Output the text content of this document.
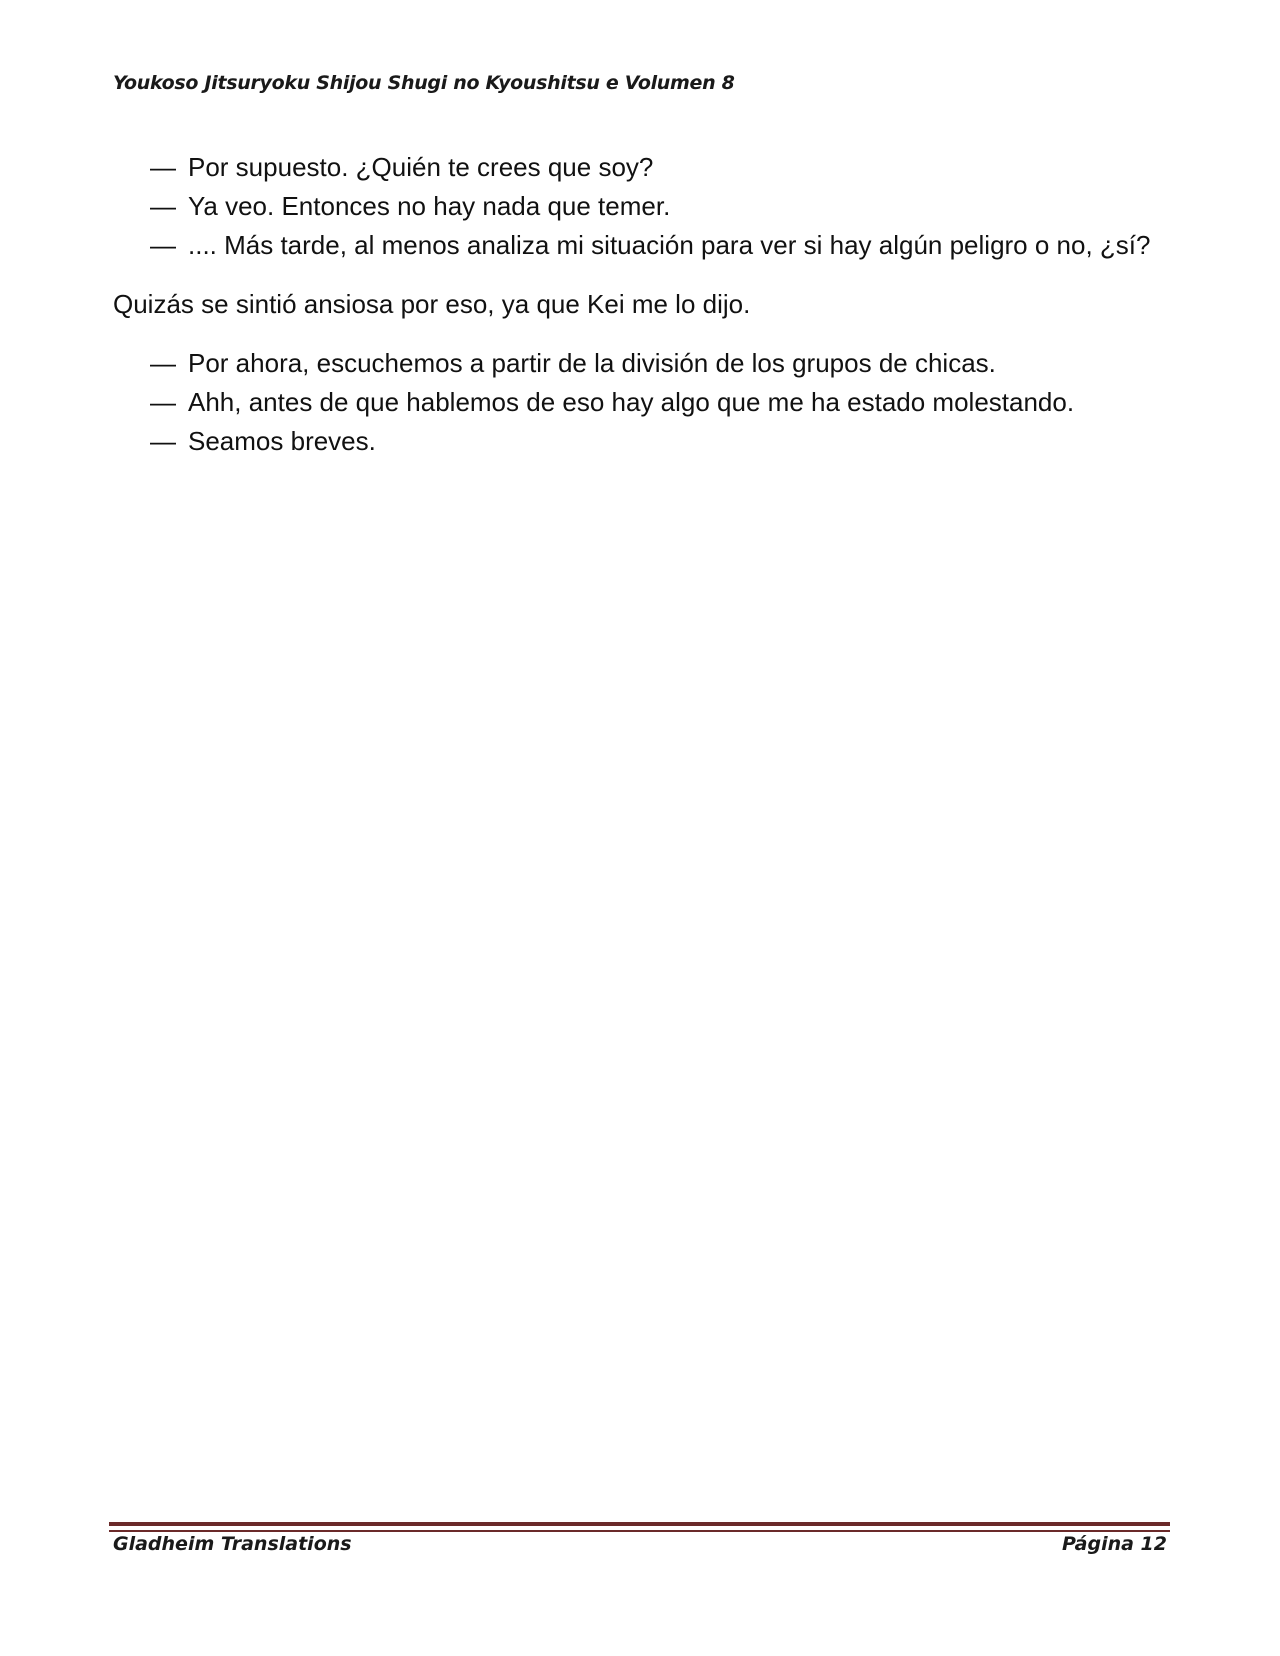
Youkoso Jitsuryoku Shijou Shugi no Kyoushitsu e Volumen 8
— Por supuesto. ¿Quién te crees que soy?
— Ya veo. Entonces no hay nada que temer.
— .... Más tarde, al menos analiza mi situación para ver si hay algún peligro o no, ¿sí?

Quizás se sintió ansiosa por eso, ya que Kei me lo dijo.

— Por ahora, escuchemos a partir de la división de los grupos de chicas.
— Ahh, antes de que hablemos de eso hay algo que me ha estado molestando.
— Seamos breves.
Gladheim Translations	Página 12
